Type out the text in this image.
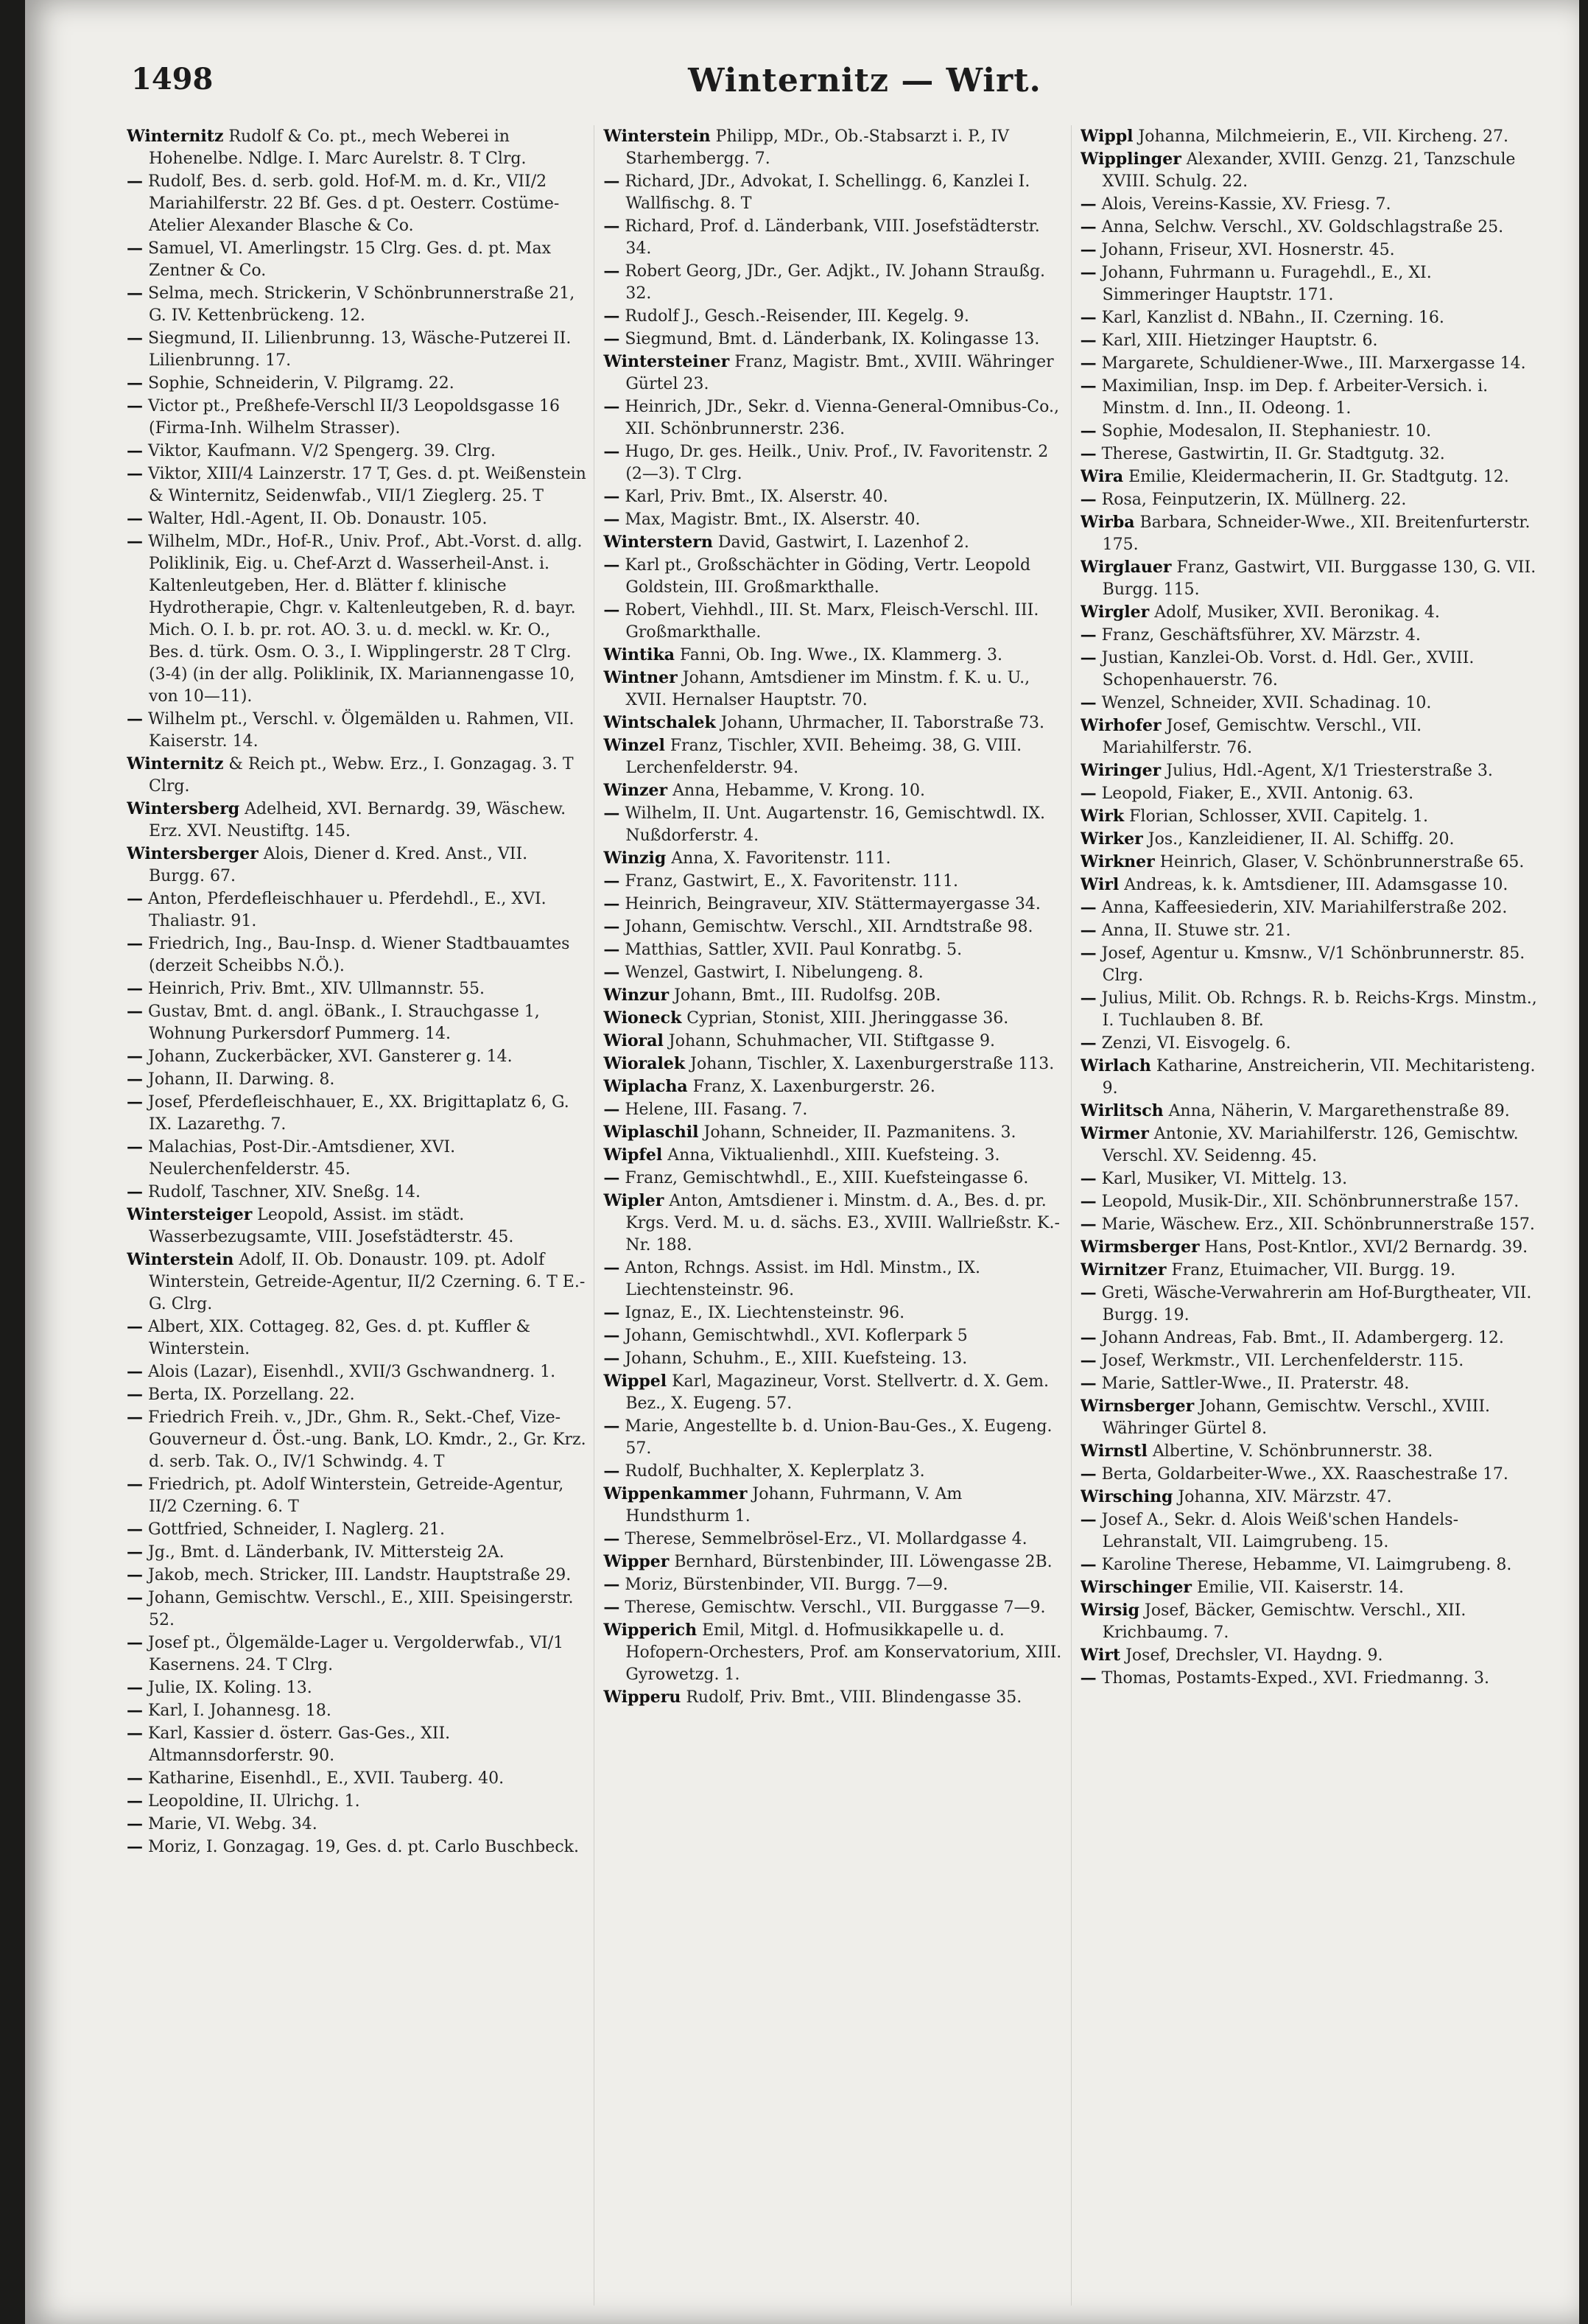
1498	Winternitz — Wirt.

Winternitz Rudolf & Co. pt., mech Weberei in Hohenelbe. Ndlge. I. Marc Aurelstr. 8. T Clrg.

— Rudolf, Bes. d. serb. gold. Hof-M. m. d. Kr., VII/2 Mariahilferstr. 22 Bf. Ges. d pt. Oesterr. Costüme-Atelier Alexander Blasche & Co.

— Samuel, VI. Amerlingstr. 15 Clrg. Ges. d. pt. Max Zentner & Co.

— Selma, mech. Strickerin, V Schönbrunnerstraße 21, G. IV. Kettenbrückeng. 12.

— Siegmund, II. Lilienbrunng. 13, Wäsche-Putzerei II. Lilienbrunng. 17.

— Sophie, Schneiderin, V. Pilgramg. 22.

— Victor pt., Preßhefe-Verschl II/3 Leopoldsgasse 16 (Firma-Inh. Wilhelm Strasser).

— Viktor, Kaufmann. V/2 Spengerg. 39. Clrg.

— Viktor, XIII/4 Lainzerstr. 17 T, Ges. d. pt. Weißenstein & Winternitz, Seidenwfab., VII/1 Zieglerg. 25. T

— Walter, Hdl.-Agent, II. Ob. Donaustr. 105.

— Wilhelm, MDr., Hof-R., Univ. Prof., Abt.-Vorst. d. allg. Poliklinik, Eig. u. Chef-Arzt d. Wasserheil-Anst. i. Kaltenleutgeben, Her. d. Blätter f. klinische Hydrotherapie, Chgr. v. Kaltenleutgeben, R. d. bayr. Mich. O. I. b. pr. rot. AO. 3. u. d. meckl. w. Kr. O., Bes. d. türk. Osm. O. 3., I. Wipplingerstr. 28 T Clrg. (3-4) (in der allg. Poliklinik, IX. Mariannengasse 10, von 10—11).

— Wilhelm pt., Verschl. v. Ölgemälden u. Rahmen, VII. Kaiserstr. 14.

Winternitz & Reich pt., Webw. Erz., I. Gonzagag. 3. T Clrg.

Wintersberg Adelheid, XVI. Bernardg. 39, Wäschew. Erz. XVI. Neustiftg. 145.

Wintersberger Alois, Diener d. Kred. Anst., VII. Burgg. 67.

— Anton, Pferdefleischhauer u. Pferdehdl., E., XVI. Thaliastr. 91.

— Friedrich, Ing., Bau-Insp. d. Wiener Stadtbauamtes (derzeit Scheibbs N.Ö.).

— Heinrich, Priv. Bmt., XIV. Ullmannstr. 55.

— Gustav, Bmt. d. angl. öBank., I. Strauchgasse 1, Wohnung Purkersdorf Pummerg. 14.

— Johann, Zuckerbäcker, XVI. Gansterer g. 14.

— Johann, II. Darwing. 8.

— Josef, Pferdefleischhauer, E., XX. Brigittaplatz 6, G. IX. Lazarethg. 7.

— Malachias, Post-Dir.-Amtsdiener, XVI. Neulerchenfelderstr. 45.

— Rudolf, Taschner, XIV. Sneßg. 14.

Wintersteiger Leopold, Assist. im städt. Wasserbezugsamte, VIII. Josefstädterstr. 45.

Winterstein Adolf, II. Ob. Donaustr. 109. pt. Adolf Winterstein, Getreide-Agentur, II/2 Czerning. 6. T E.-G. Clrg.

— Albert, XIX. Cottageg. 82, Ges. d. pt. Kuffler & Winterstein.

— Alois (Lazar), Eisenhdl., XVII/3 Gschwandnerg. 1.

— Berta, IX. Porzellang. 22.

— Friedrich Freih. v., JDr., Ghm. R., Sekt.-Chef, Vize-Gouverneur d. Öst.-ung. Bank, LO. Kmdr., 2., Gr. Krz. d. serb. Tak. O., IV/1 Schwindg. 4. T

— Friedrich, pt. Adolf Winterstein, Getreide-Agentur, II/2 Czerning. 6. T

— Gottfried, Schneider, I. Naglerg. 21.

— Jg., Bmt. d. Länderbank, IV. Mittersteig 2A.

— Jakob, mech. Stricker, III. Landstr. Hauptstraße 29.

— Johann, Gemischtw. Verschl., E., XIII. Speisingerstr. 52.

— Josef pt., Ölgemälde-Lager u. Vergolderwfab., VI/1 Kasernens. 24. T Clrg.

— Julie, IX. Koling. 13.

— Karl, I. Johannesg. 18.

— Karl, Kassier d. österr. Gas-Ges., XII. Altmannsdorferstr. 90.

— Katharine, Eisenhdl., E., XVII. Tauberg. 40.

— Leopoldine, II. Ulrichg. 1.

— Marie, VI. Webg. 34.

— Moriz, I. Gonzagag. 19, Ges. d. pt. Carlo Buschbeck.

Winterstein Philipp, MDr., Ob.-Stabsarzt i. P., IV Starhembergg. 7.

— Richard, JDr., Advokat, I. Schellingg. 6, Kanzlei I. Wallfischg. 8. T

— Richard, Prof. d. Länderbank, VIII. Josefstädterstr. 34.

— Robert Georg, JDr., Ger. Adjkt., IV. Johann Straußg. 32.

— Rudolf J., Gesch.-Reisender, III. Kegelg. 9.

— Siegmund, Bmt. d. Länderbank, IX. Kolingasse 13.

Wintersteiner Franz, Magistr. Bmt., XVIII. Währinger Gürtel 23.

— Heinrich, JDr., Sekr. d. Vienna-General-Omnibus-Co., XII. Schönbrunnerstr. 236.

— Hugo, Dr. ges. Heilk., Univ. Prof., IV. Favoritenstr. 2 (2—3). T Clrg.

— Karl, Priv. Bmt., IX. Alserstr. 40.

— Max, Magistr. Bmt., IX. Alserstr. 40.

Winterstern David, Gastwirt, I. Lazenhof 2.

— Karl pt., Großschächter in Göding, Vertr. Leopold Goldstein, III. Großmarkthalle.

— Robert, Viehhdl., III. St. Marx, Fleisch-Verschl. III. Großmarkthalle.

Wintika Fanni, Ob. Ing. Wwe., IX. Klammerg. 3.

Wintner Johann, Amtsdiener im Minstm. f. K. u. U., XVII. Hernalser Hauptstr. 70.

Wintschalek Johann, Uhrmacher, II. Taborstraße 73.

Winzel Franz, Tischler, XVII. Beheimg. 38, G. VIII. Lerchenfelderstr. 94.

Winzer Anna, Hebamme, V. Krong. 10.

— Wilhelm, II. Unt. Augartenstr. 16, Gemischtwdl. IX. Nußdorferstr. 4.

Winzig Anna, X. Favoritenstr. 111.

— Franz, Gastwirt, E., X. Favoritenstr. 111.

— Heinrich, Beingraveur, XIV. Stättermayergasse 34.

— Johann, Gemischtw. Verschl., XII. Arndtstraße 98.

— Matthias, Sattler, XVII. Paul Konratbg. 5.

— Wenzel, Gastwirt, I. Nibelungeng. 8.

Winzur Johann, Bmt., III. Rudolfsg. 20B.

Wioneck Cyprian, Stonist, XIII. Jheringgasse 36.

Wioral Johann, Schuhmacher, VII. Stiftgasse 9.

Wioralek Johann, Tischler, X. Laxenburgerstraße 113.

Wiplacha Franz, X. Laxenburgerstr. 26.

— Helene, III. Fasang. 7.

Wiplaschil Johann, Schneider, II. Pazmanitens. 3.

Wipfel Anna, Viktualienhdl., XIII. Kuefsteing. 3.

— Franz, Gemischtwhdl., E., XIII. Kuefsteingasse 6.

Wipler Anton, Amtsdiener i. Minstm. d. A., Bes. d. pr. Krgs. Verd. M. u. d. sächs. E3., XVIII. Wallrießstr. K.-Nr. 188.

— Anton, Rchngs. Assist. im Hdl. Minstm., IX. Liechtensteinstr. 96.

— Ignaz, E., IX. Liechtensteinstr. 96.

— Johann, Gemischtwhdl., XVI. Koflerpark 5

— Johann, Schuhm., E., XIII. Kuefsteing. 13.

Wippel Karl, Magazineur, Vorst. Stellvertr. d. X. Gem. Bez., X. Eugeng. 57.

— Marie, Angestellte b. d. Union-Bau-Ges., X. Eugeng. 57.

— Rudolf, Buchhalter, X. Keplerplatz 3.

Wippenkammer Johann, Fuhrmann, V. Am Hundsthurm 1.

— Therese, Semmelbrösel-Erz., VI. Mollardgasse 4.

Wipper Bernhard, Bürstenbinder, III. Löwengasse 2B.

— Moriz, Bürstenbinder, VII. Burgg. 7—9.

— Therese, Gemischtw. Verschl., VII. Burggasse 7—9.

Wipperich Emil, Mitgl. d. Hofmusikkapelle u. d. Hofopern-Orchesters, Prof. am Konservatorium, XIII. Gyrowetzg. 1.

Wipperu Rudolf, Priv. Bmt., VIII. Blindengasse 35.

Wippl Johanna, Milchmeierin, E., VII. Kircheng. 27.

Wipplinger Alexander, XVIII. Genzg. 21, Tanzschule XVIII. Schulg. 22.

— Alois, Vereins-Kassie, XV. Friesg. 7.

— Anna, Selchw. Verschl., XV. Goldschlagstraße 25.

— Johann, Friseur, XVI. Hosnerstr. 45.

— Johann, Fuhrmann u. Furagehdl., E., XI. Simmeringer Hauptstr. 171.

— Karl, Kanzlist d. NBahn., II. Czerning. 16.

— Karl, XIII. Hietzinger Hauptstr. 6.

— Margarete, Schuldiener-Wwe., III. Marxergasse 14.

— Maximilian, Insp. im Dep. f. Arbeiter-Versich. i. Minstm. d. Inn., II. Odeong. 1.

— Sophie, Modesalon, II. Stephaniestr. 10.

— Therese, Gastwirtin, II. Gr. Stadtgutg. 32.

Wira Emilie, Kleidermacherin, II. Gr. Stadtgutg. 12.

— Rosa, Feinputzerin, IX. Müllnerg. 22.

Wirba Barbara, Schneider-Wwe., XII. Breitenfurterstr. 175.

Wirglauer Franz, Gastwirt, VII. Burggasse 130, G. VII. Burgg. 115.

Wirgler Adolf, Musiker, XVII. Beronikag. 4.

— Franz, Geschäftsführer, XV. Märzstr. 4.

— Justian, Kanzlei-Ob. Vorst. d. Hdl. Ger., XVIII. Schopenhauerstr. 76.

— Wenzel, Schneider, XVII. Schadinag. 10.

Wirhofer Josef, Gemischtw. Verschl., VII. Mariahilferstr. 76.

Wiringer Julius, Hdl.-Agent, X/1 Triesterstraße 3.

— Leopold, Fiaker, E., XVII. Antonig. 63.

Wirk Florian, Schlosser, XVII. Capitelg. 1.

Wirker Jos., Kanzleidiener, II. Al. Schiffg. 20.

Wirkner Heinrich, Glaser, V. Schönbrunnerstraße 65.

Wirl Andreas, k. k. Amtsdiener, III. Adamsgasse 10.

— Anna, Kaffeesiederin, XIV. Mariahilferstraße 202.

— Anna, II. Stuwe str. 21.

— Josef, Agentur u. Kmsnw., V/1 Schönbrunnerstr. 85. Clrg.

— Julius, Milit. Ob. Rchngs. R. b. Reichs-Krgs. Minstm., I. Tuchlauben 8. Bf.

— Zenzi, VI. Eisvogelg. 6.

Wirlach Katharine, Anstreicherin, VII. Mechitaristeng. 9.

Wirlitsch Anna, Näherin, V. Margarethenstraße 89.

Wirmer Antonie, XV. Mariahilferstr. 126, Gemischtw. Verschl. XV. Seidenng. 45.

— Karl, Musiker, VI. Mittelg. 13.

— Leopold, Musik-Dir., XII. Schönbrunnerstraße 157.

— Marie, Wäschew. Erz., XII. Schönbrunnerstraße 157.

Wirmsberger Hans, Post-Kntlor., XVI/2 Bernardg. 39.

Wirnitzer Franz, Etuimacher, VII. Burgg. 19.

— Greti, Wäsche-Verwahrerin am Hof-Burgtheater, VII. Burgg. 19.

— Johann Andreas, Fab. Bmt., II. Adambergerg. 12.

— Josef, Werkmstr., VII. Lerchenfelderstr. 115.

— Marie, Sattler-Wwe., II. Praterstr. 48.

Wirnsberger Johann, Gemischtw. Verschl., XVIII. Währinger Gürtel 8.

Wirnstl Albertine, V. Schönbrunnerstr. 38.

— Berta, Goldarbeiter-Wwe., XX. Raaschestraße 17.

Wirsching Johanna, XIV. Märzstr. 47.

— Josef A., Sekr. d. Alois Weiß'schen Handels-Lehranstalt, VII. Laimgrubeng. 15.

— Karoline Therese, Hebamme, VI. Laimgrubeng. 8.

Wirschinger Emilie, VII. Kaiserstr. 14.

Wirsig Josef, Bäcker, Gemischtw. Verschl., XII. Krichbaumg. 7.

Wirt Josef, Drechsler, VI. Haydng. 9.

— Thomas, Postamts-Exped., XVI. Friedmanng. 3.
